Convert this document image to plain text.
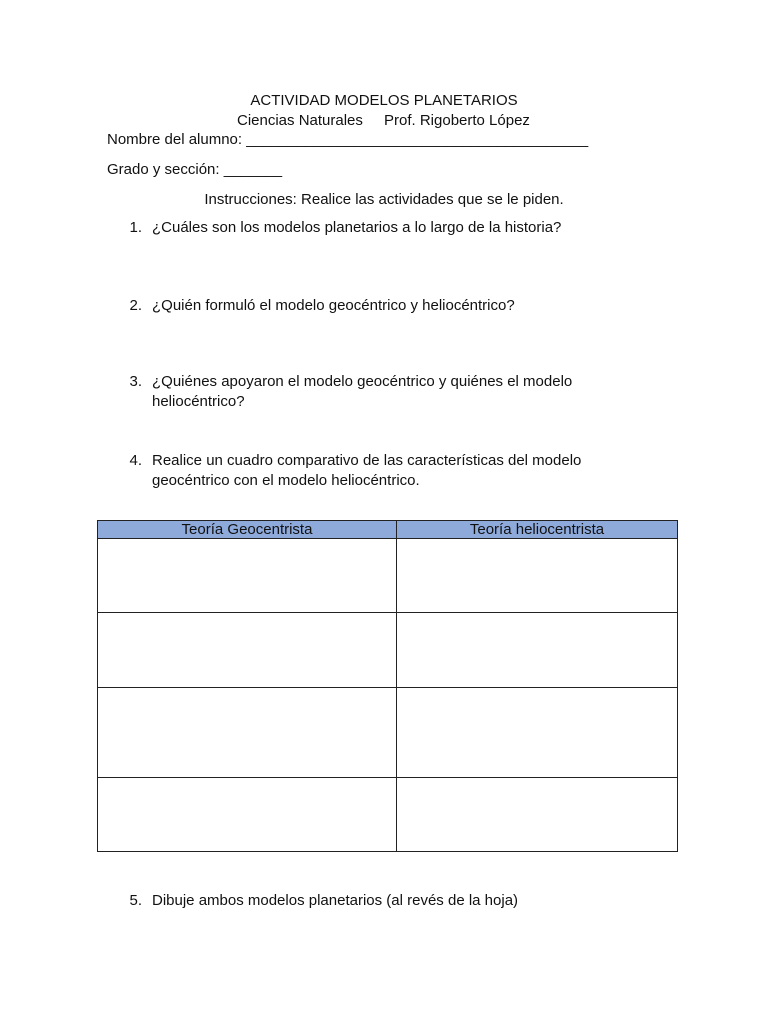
ACTIVIDAD MODELOS PLANETARIOS
Ciencias Naturales Prof. Rigoberto López
Nombre del alumno: _________________________________________
Grado y sección: _______
Instrucciones: Realice las actividades que se le piden.
1. ¿Cuáles son los modelos planetarios a lo largo de la historia?
2. ¿Quién formuló el modelo geocéntrico y heliocéntrico?
3. ¿Quiénes apoyaron el modelo geocéntrico y quiénes el modelo heliocéntrico?
4. Realice un cuadro comparativo de las características del modelo geocéntrico con el modelo heliocéntrico.
Teoría Geocentrista	Teoría heliocentrista

5. Dibuje ambos modelos planetarios (al revés de la hoja)
